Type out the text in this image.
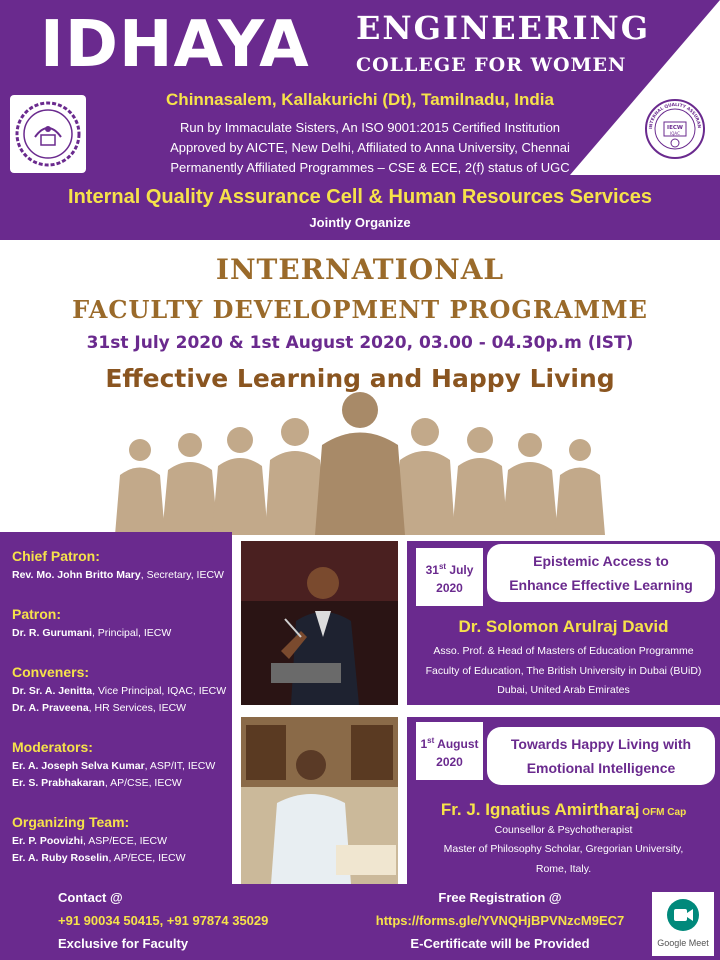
IDHAYA ENGINEERING
COLLEGE FOR WOMEN
Chinnasalem, Kallakurichi (Dt), Tamilnadu, India
Run by Immaculate Sisters, An ISO 9001:2015 Certified Institution
Approved by AICTE, New Delhi, Affiliated to Anna University, Chennai
Permanently Affiliated Programmes – CSE & ECE, 2(f) status of UGC
Internal Quality Assurance Cell & Human Resources Services
Jointly Organize
INTERNAL QUALITY ASSURAN
IECW
IQAC
INTERNATIONAL
FACULTY DEVELOPMENT PROGRAMME
31st July 2020 & 1st August 2020, 03.00 - 04.30p.m (IST)
Effective Learning and Happy Living
Chief Patron:
Rev. Mo. John Britto Mary, Secretary, IECW
Patron:
Dr. R. Gurumani, Principal, IECW
Conveners:
Dr. Sr. A. Jenitta, Vice Principal, IQAC, IECW
Dr. A. Praveena, HR Services, IECW
Moderators:
Er. A. Joseph Selva Kumar, ASP/IT, IECW
Er. S. Prabhakaran, AP/CSE, IECW
Organizing Team:
Er. P. Poovizhi, ASP/ECE, IECW
Er. A. Ruby Roselin, AP/ECE, IECW
31st July
2020
Epistemic Access to
Enhance Effective Learning
Dr. Solomon Arulraj David
Asso. Prof. & Head of Masters of Education Programme
Faculty of Education, The British University in Dubai (BUiD)
Dubai, United Arab Emirates
1st August
2020
Towards Happy Living with
Emotional Intelligence
Fr. J. Ignatius Amirtharaj OFM Cap
Counsellor & Psychotherapist
Master of Philosophy Scholar, Gregorian University,
Rome, Italy.
Contact @
+91 90034 50415, +91 97874 35029
Exclusive for Faculty
Free Registration @
https://forms.gle/YVNQHjBPVNzcM9EC7
E-Certificate will be Provided	Google Meet
